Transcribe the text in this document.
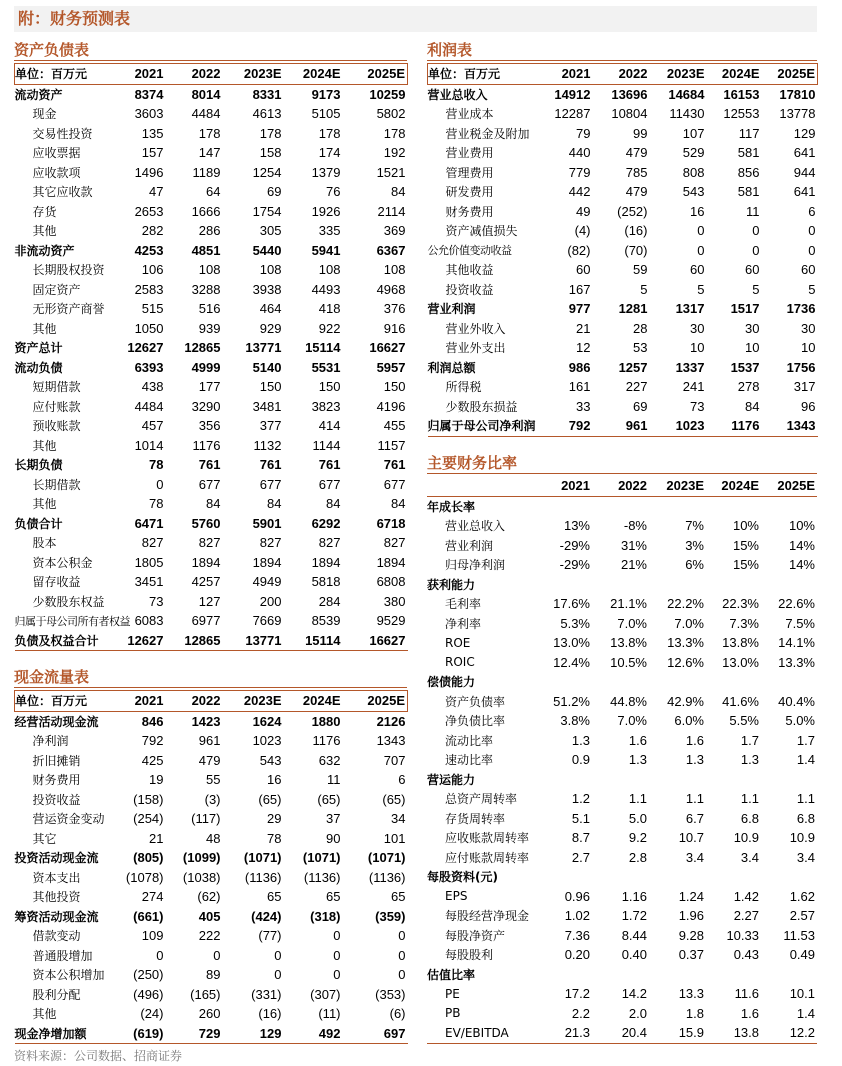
附：财务预测表
资产负债表
单位：百万元	2021	2022	2023E	2024E	2025E
流动资产	8374	8014	8331	9173	10259
现金	3603	4484	4613	5105	5802
交易性投资	135	178	178	178	178
应收票据	157	147	158	174	192
应收款项	1496	1189	1254	1379	1521
其它应收款	47	64	69	76	84
存货	2653	1666	1754	1926	2114
其他	282	286	305	335	369
非流动资产	4253	4851	5440	5941	6367
长期股权投资	106	108	108	108	108
固定资产	2583	3288	3938	4493	4968
无形资产商誉	515	516	464	418	376
其他	1050	939	929	922	916
资产总计	12627	12865	13771	15114	16627
流动负债	6393	4999	5140	5531	5957
短期借款	438	177	150	150	150
应付账款	4484	3290	3481	3823	4196
预收账款	457	356	377	414	455
其他	1014	1176	1132	1144	1157
长期负债	78	761	761	761	761
长期借款	0	677	677	677	677
其他	78	84	84	84	84
负债合计	6471	5760	5901	6292	6718
股本	827	827	827	827	827
资本公积金	1805	1894	1894	1894	1894
留存收益	3451	4257	4949	5818	6808
少数股东权益	73	127	200	284	380
归属于母公司所有者权益	6083	6977	7669	8539	9529
负债及权益合计	12627	12865	13771	15114	16627
现金流量表
单位：百万元	2021	2022	2023E	2024E	2025E
经营活动现金流	846	1423	1624	1880	2126
净利润	792	961	1023	1176	1343
折旧摊销	425	479	543	632	707
财务费用	19	55	16	11	6
投资收益	(158)	(3)	(65)	(65)	(65)
营运资金变动	(254)	(117)	29	37	34
其它	21	48	78	90	101
投资活动现金流	(805)	(1099)	(1071)	(1071)	(1071)
资本支出	(1078)	(1038)	(1136)	(1136)	(1136)
其他投资	274	(62)	65	65	65
筹资活动现金流	(661)	405	(424)	(318)	(359)
借款变动	109	222	(77)	0	0
普通股增加	0	0	0	0	0
资本公积增加	(250)	89	0	0	0
股利分配	(496)	(165)	(331)	(307)	(353)
其他	(24)	260	(16)	(11)	(6)
现金净增加额	(619)	729	129	492	697
利润表
单位：百万元	2021	2022	2023E	2024E	2025E
营业总收入	14912	13696	14684	16153	17810
营业成本	12287	10804	11430	12553	13778
营业税金及附加	79	99	107	117	129
营业费用	440	479	529	581	641
管理费用	779	785	808	856	944
研发费用	442	479	543	581	641
财务费用	49	(252)	16	11	6
资产减值损失	(4)	(16)	0	0	0
公允价值变动收益	(82)	(70)	0	0	0
其他收益	60	59	60	60	60
投资收益	167	5	5	5	5
营业利润	977	1281	1317	1517	1736
营业外收入	21	28	30	30	30
营业外支出	12	53	10	10	10
利润总额	986	1257	1337	1537	1756
所得税	161	227	241	278	317
少数股东损益	33	69	73	84	96
归属于母公司净利润	792	961	1023	1176	1343
主要财务比率
	2021	2022	2023E	2024E	2025E
年成长率					
营业总收入	13%	-8%	7%	10%	10%
营业利润	-29%	31%	3%	15%	14%
归母净利润	-29%	21%	6%	15%	14%
获利能力					
毛利率	17.6%	21.1%	22.2%	22.3%	22.6%
净利率	5.3%	7.0%	7.0%	7.3%	7.5%
ROE	13.0%	13.8%	13.3%	13.8%	14.1%
ROIC	12.4%	10.5%	12.6%	13.0%	13.3%
偿债能力					
资产负债率	51.2%	44.8%	42.9%	41.6%	40.4%
净负债比率	3.8%	7.0%	6.0%	5.5%	5.0%
流动比率	1.3	1.6	1.6	1.7	1.7
速动比率	0.9	1.3	1.3	1.3	1.4
营运能力					
总资产周转率	1.2	1.1	1.1	1.1	1.1
存货周转率	5.1	5.0	6.7	6.8	6.8
应收账款周转率	8.7	9.2	10.7	10.9	10.9
应付账款周转率	2.7	2.8	3.4	3.4	3.4
每股资料(元)					
EPS	0.96	1.16	1.24	1.42	1.62
每股经营净现金	1.02	1.72	1.96	2.27	2.57
每股净资产	7.36	8.44	9.28	10.33	11.53
每股股利	0.20	0.40	0.37	0.43	0.49
估值比率					
PE	17.2	14.2	13.3	11.6	10.1
PB	2.2	2.0	1.8	1.6	1.4
EV/EBITDA	21.3	20.4	15.9	13.8	12.2
资料来源：公司数据、招商证券
